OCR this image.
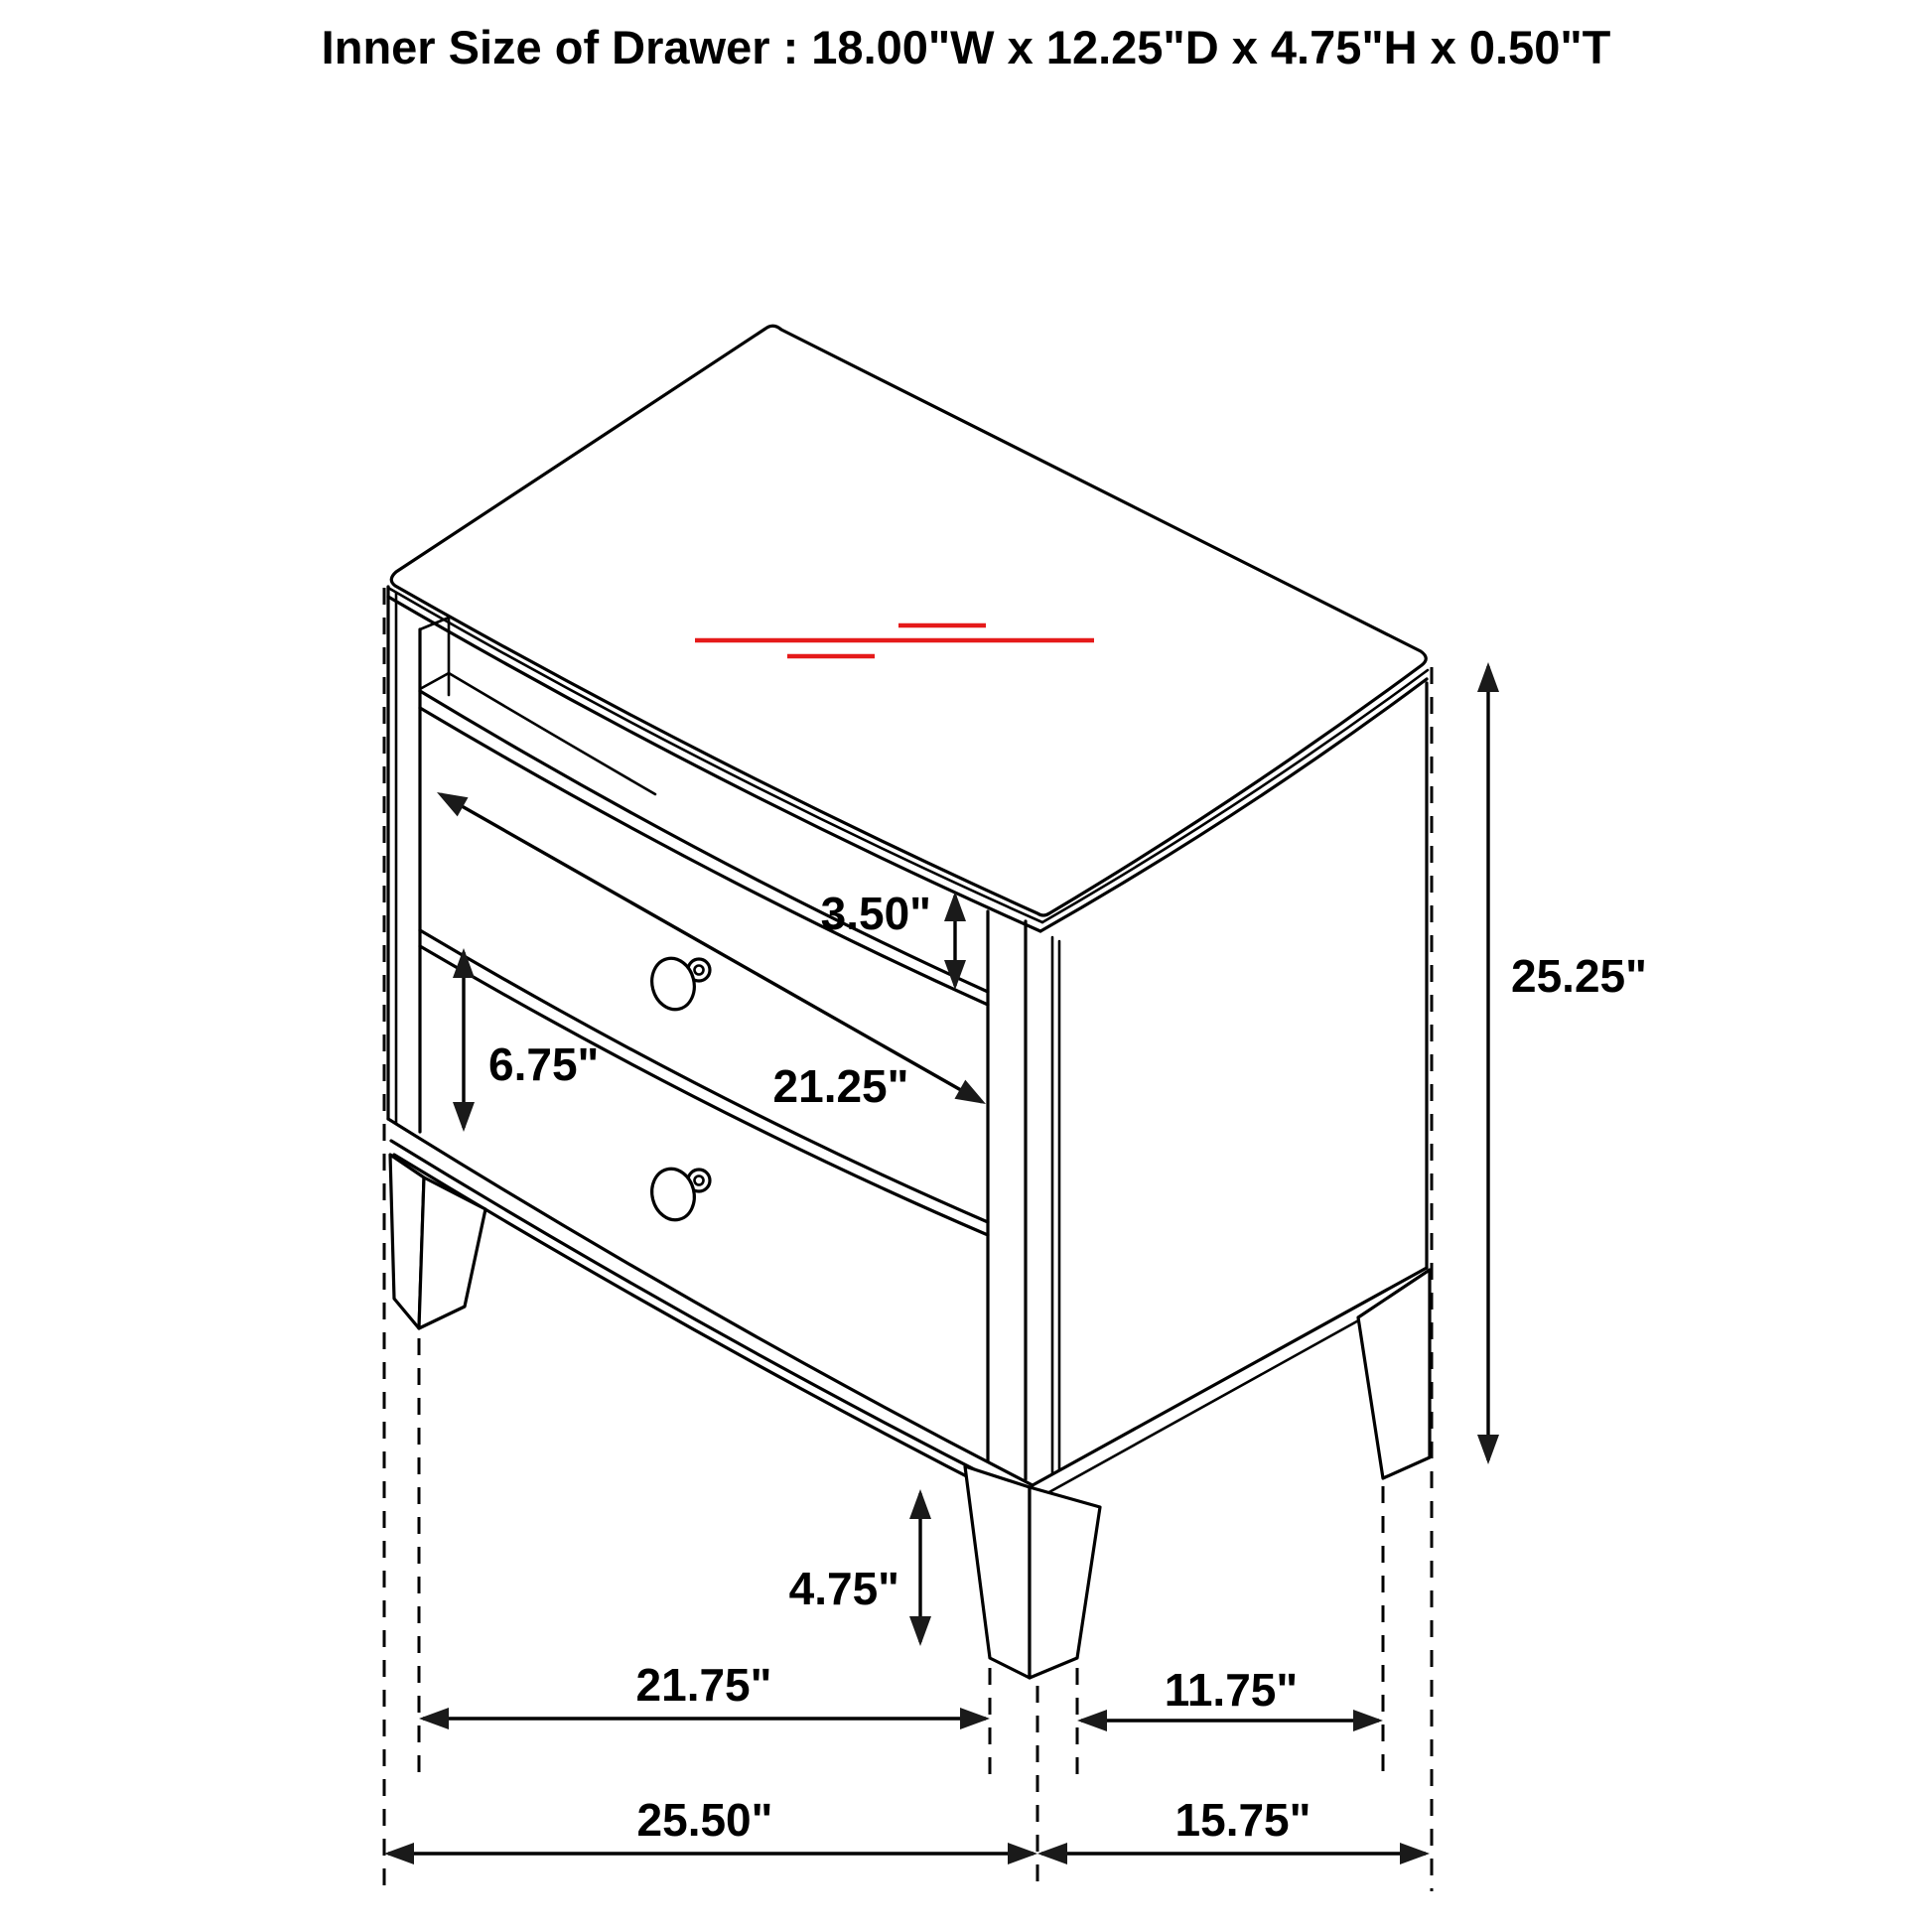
Inner Size of Drawer : 18.00"W x 12.25"D x 4.75"H x 0.50"T
3.50"
21.25"
6.75"
25.25"
4.75"
21.75"	11.75"
25.50"	15.75"
